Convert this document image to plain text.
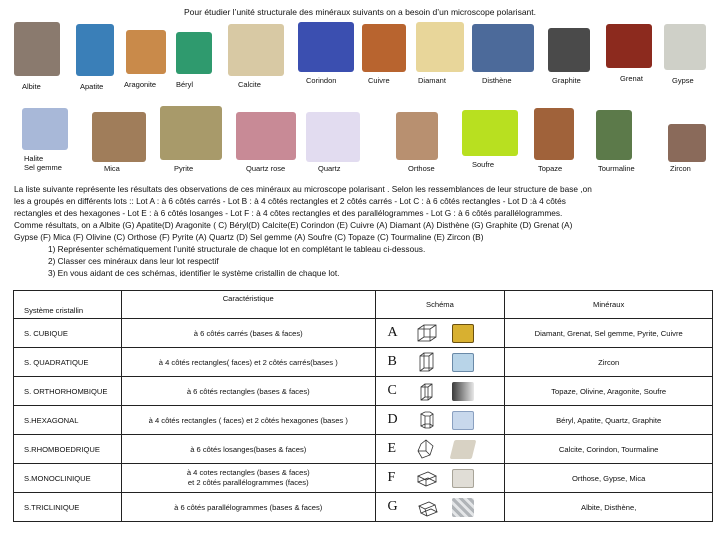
Pour étudier l’unité structurale des minéraux suivants on a besoin d’un microscope polarisant.
Albite	Apatite	Aragonite	Béryl	Calcite	Corindon	Cuivre	Diamant	Disthène	Graphite	Grenat	Gypse
Halite
Sel gemme	Mica	Pyrite	Quartz rose	Quartz	Orthose	Soufre	Topaze	Tourmaline	Zircon
La liste suivante représente les résultats des observations de ces minéraux au microscope polarisant . Selon les ressemblances de leur structure de base ,on
les a groupés en différents lots :: Lot A : à 6 côtés carrés - Lot B : à 4 côtés rectangles et 2 côtés carrés - Lot C : à 6 côtés rectangles - Lot D :à 4 côtés
rectangles et des hexagones - Lot E : à 6 côtés losanges - Lot F : à 4 côtes rectangles et des parallélogrammes - Lot G : à 6 côtés parallélogrammes.
Comme résultats, on a Albite (G) Apatite(D) Aragonite ( C) Béryl(D) Calcite(E) Corindon (E) Cuivre (A) Diamant (A) Disthène (G) Graphite (D) Grenat (A)
Gypse (F) Mica (F) Olivine (C) Orthose (F) Pyrite (A) Quartz (D) Sel gemme (A) Soufre (C) Topaze (C) Tourmaline (E) Zircon (B)
1) Représenter schématiquement l’unité structurale de chaque lot en complétant le tableau ci-dessous.
2) Classer ces minéraux dans leur lot respectif
3) En vous aidant de ces schémas, identifier le système cristallin de chaque lot.
Système cristallin	Caractéristique	Schéma	Minéraux
S. CUBIQUE	à 6 côtés carrés (bases & faces)	A	Diamant, Grenat, Sel gemme, Pyrite, Cuivre
S. QUADRATIQUE	à 4 côtés rectangles( faces) et 2 côtés carrés(bases )	B	Zircon
S. ORTHORHOMBIQUE	à 6 côtés rectangles (bases & faces)	C	Topaze, Olivine, Aragonite, Soufre
S.HEXAGONAL	à 4 côtés rectangles ( faces) et 2 côtés hexagones (bases )	D	Béryl, Apatite, Quartz, Graphite
S.RHOMBOEDRIQUE	à 6 côtés losanges(bases & faces)	E	Calcite, Corindon, Tourmaline
S.MONOCLINIQUE	à 4 cotes rectangles (bases & faces)
et 2 côtés parallélogrammes (faces)	F	Orthose, Gypse, Mica
S.TRICLINIQUE	à 6 côtés parallélogrammes (bases & faces)	G	Albite, Disthène,
